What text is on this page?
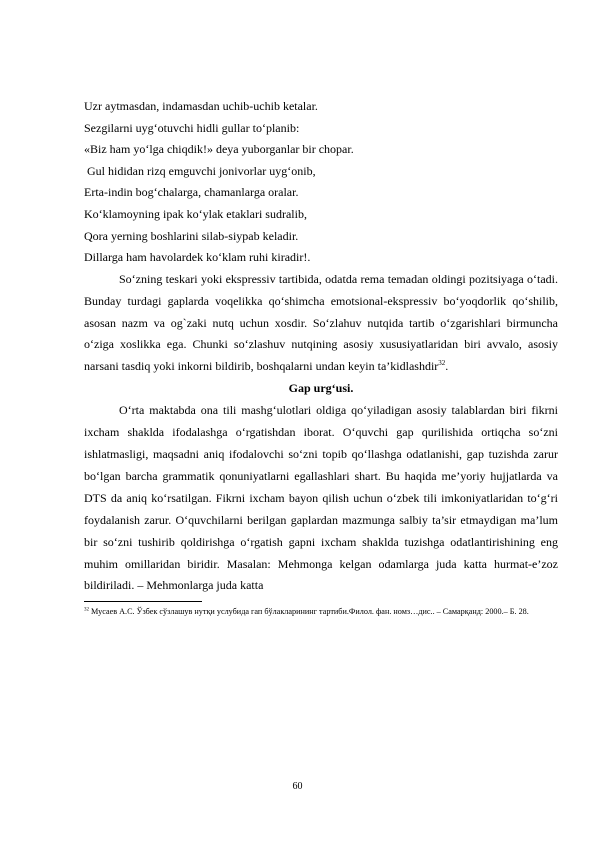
Uzr aytmasdan, indamasdan uchib-uchib ketalar.

Sezgilarni uyg‘otuvchi hidli gullar to‘planib:

«Biz ham yo‘lga chiqdik!» deya yuborganlar bir chopar.

Gul hididan rizq emguvchi jonivorlar uyg‘onib,

Erta-indin bog‘chalarga, chamanlarga oralar.

Ko‘klamoyning ipak ko‘ylak etaklari sudralib,

Qora yerning boshlarini silab-siypab keladir.

Dillarga ham havolardek ko‘klam ruhi kiradir!.

So‘zning teskari yoki ekspressiv tartibida, odatda rema temadan oldingi pozitsiyaga o‘tadi. Bunday turdagi gaplarda voqelikka qo‘shimcha emotsional-ekspressiv bo‘yoqdorlik qo‘shilib, asosan nazm va og`zaki nutq uchun xosdir. So‘zlahuv nutqida tartib o‘zgarishlari birmuncha o‘ziga xoslikka ega. Chunki so‘zlashuv nutqining asosiy xususiyatlaridan biri avvalo, asosiy narsani tasdiq yoki inkorni bildirib, boshqalarni undan keyin ta’kidlashdir$^{32}$.

Gap urg‘usi.

O‘rta maktabda ona tili mashg‘ulotlari oldiga qo‘yiladigan asosiy talablardan biri fikrni ixcham shaklda ifodalashga o‘rgatishdan iborat. O‘quvchi gap qurilishida ortiqcha so‘zni ishlatmasligi, maqsadni aniq ifodalovchi so‘zni topib qo‘llashga odatlanishi, gap tuzishda zarur bo‘lgan barcha grammatik qonuniyatlarni egallashlari shart. Bu haqida me’yoriy hujjatlarda va DTS da aniq ko‘rsatilgan. Fikrni ixcham bayon qilish uchun o‘zbek tili imkoniyatlaridan to‘g‘ri foydalanish zarur. O‘quvchilarni berilgan gaplardan mazmunga salbiy ta’sir etmaydigan ma’lum bir so‘zni tushirib qoldirishga o‘rgatish gapni ixcham shaklda tuzishga odatlantirishining eng muhim omillaridan biridir. Masalan: Mehmonga kelgan odamlarga juda katta hurmat-e’zoz bildiriladi. – Mehmonlarga juda katta

$^{32}$ Мусаев А.С. Ўзбек сўзлашув нутқи услубида гап бўлакларининг тартиби.Филол. фан. номз…дис.. – Самарқанд: 2000.– Б. 28.

60
